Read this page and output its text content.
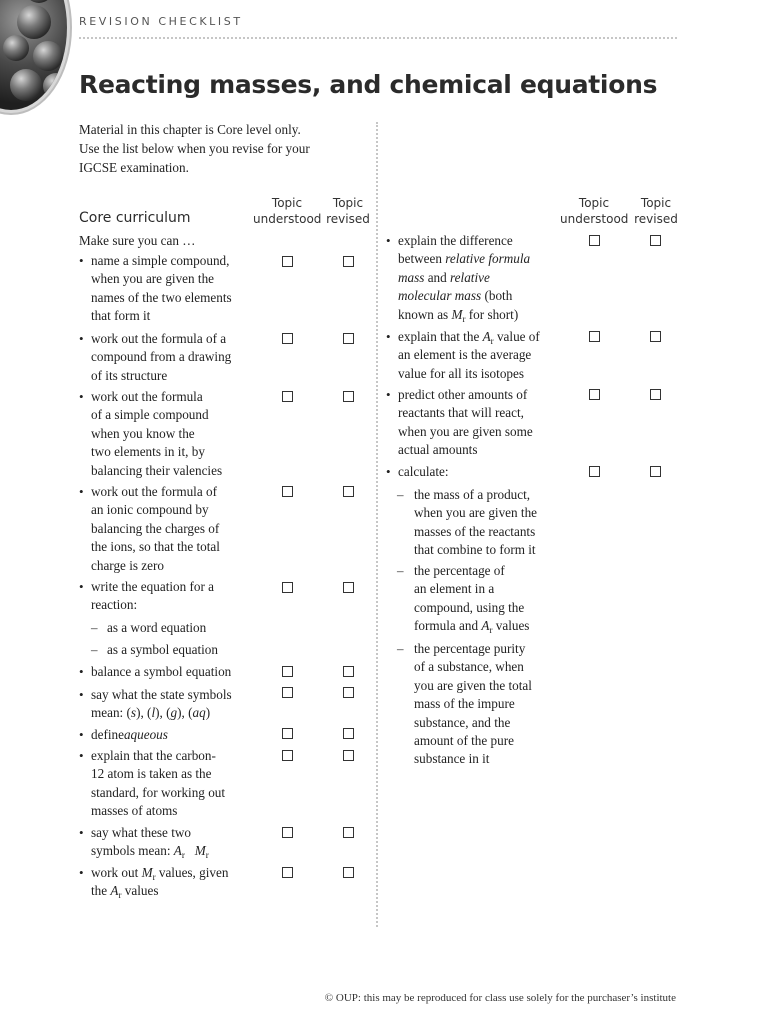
REVISION CHECKLIST
Reacting masses, and chemical equations
Material in this chapter is Core level only.
Use the list below when you revise for your
IGCSE examination.
Topic
understood
Topic
revised
Topic
understood
Topic
revised
Core curriculum
Make sure you can …
• name a simple compound,
when you are given the
names of the two elements
that form it
• work out the formula of a
compound from a drawing
of its structure
• work out the formula
of a simple compound
when you know the
two elements in it, by
balancing their valencies
• work out the formula of
an ionic compound by
balancing the charges of
the ions, so that the total
charge is zero
• write the equation for a
reaction:
– as a word equation
– as a symbol equation
• balance a symbol equation
• say what the state symbols
mean: (s), (l), (g), (aq)
• defineaqueous
• explain that the carbon-
12 atom is taken as the
standard, for working out
masses of atoms
• say what these two
symbols mean: $A_r$ $M_r$
• work out $M_r$ values, given
the $A_r$ values
• explain the difference
between relative formula
mass and relative
molecular mass (both
known as $M_r$ for short)
• explain that the $A_r$ value of
an element is the average
value for all its isotopes
• predict other amounts of
reactants that will react,
when you are given some
actual amounts
• calculate:
– the mass of a product,
when you are given the
masses of the reactants
that combine to form it
– the percentage of
an element in a
compound, using the
formula and $A_r$ values
– the percentage purity
of a substance, when
you are given the total
mass of the impure
substance, and the
amount of the pure
substance in it
© OUP: this may be reproduced for class use solely for the purchaser’s institute
